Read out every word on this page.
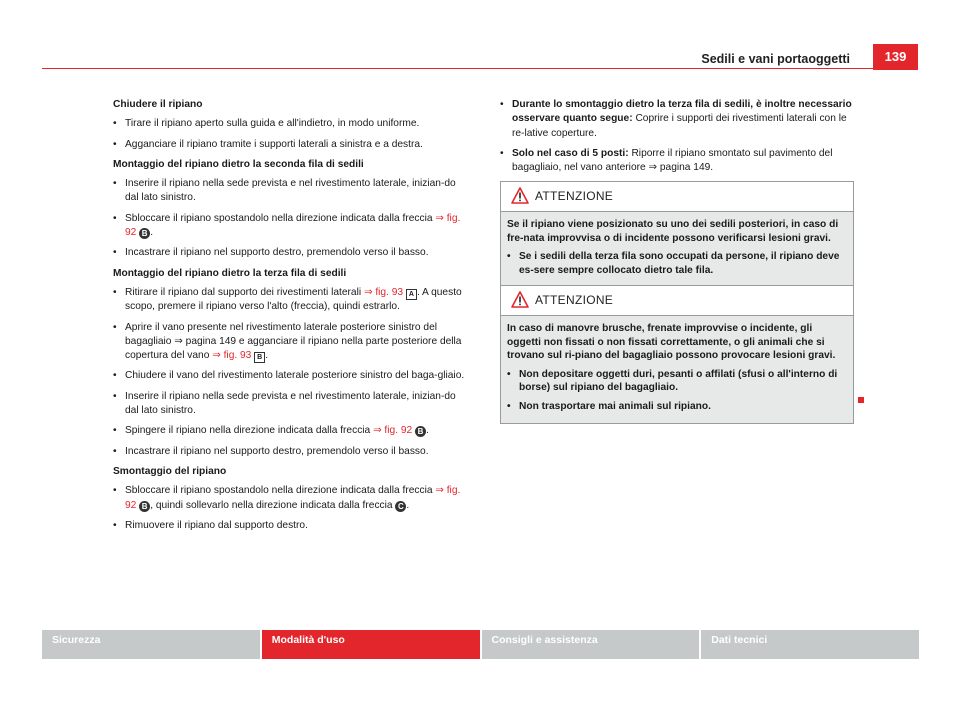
Sedili e vani portaoggetti	139

Chiudere il ripiano

• Tirare il ripiano aperto sulla guida e all'indietro, in modo uniforme.

• Agganciare il ripiano tramite i supporti laterali a sinistra e a destra.

Montaggio del ripiano dietro la seconda fila di sedili

• Inserire il ripiano nella sede prevista e nel rivestimento laterale, inizian-do dal lato sinistro.

• Sbloccare il ripiano spostandolo nella direzione indicata dalla freccia ⇒ fig. 92 B .

• Incastrare il ripiano nel supporto destro, premendolo verso il basso.

Montaggio del ripiano dietro la terza fila di sedili

• Ritirare il ripiano dal supporto dei rivestimenti laterali ⇒ fig. 93 A . A questo scopo, premere il ripiano verso l'alto (freccia), quindi estrarlo.

• Aprire il vano presente nel rivestimento laterale posteriore sinistro del bagagliaio ⇒ pagina 149 e agganciare il ripiano nella parte posteriore della copertura del vano ⇒ fig. 93 B .

• Chiudere il vano del rivestimento laterale posteriore sinistro del baga-gliaio.

• Inserire il ripiano nella sede prevista e nel rivestimento laterale, inizian-do dal lato sinistro.

• Spingere il ripiano nella direzione indicata dalla freccia ⇒ fig. 92 B .

• Incastrare il ripiano nel supporto destro, premendolo verso il basso.

Smontaggio del ripiano

• Sbloccare il ripiano spostandolo nella direzione indicata dalla freccia ⇒ fig. 92 B , quindi sollevarlo nella direzione indicata dalla freccia C .

• Rimuovere il ripiano dal supporto destro.

• Durante lo smontaggio dietro la terza fila di sedili, è inoltre necessario osservare quanto segue: Coprire i supporti dei rivestimenti laterali con le re-lative coperture.

• Solo nel caso di 5 posti: Riporre il ripiano smontato sul pavimento del bagagliaio, nel vano anteriore ⇒ pagina 149.

ATTENZIONE

Se il ripiano viene posizionato su uno dei sedili posteriori, in caso di fre-nata improvvisa o di incidente possono verificarsi lesioni gravi.

• Se i sedili della terza fila sono occupati da persone, il ripiano deve es-sere sempre collocato dietro tale fila.

ATTENZIONE

In caso di manovre brusche, frenate improvvise o incidente, gli oggetti non fissati o non fissati correttamente, o gli animali che si trovano sul ri-piano del bagagliaio possono provocare lesioni gravi.

• Non depositare oggetti duri, pesanti o affilati (sfusi o all'interno di borse) sul ripiano del bagagliaio.

• Non trasportare mai animali sul ripiano.

Sicurezza	Modalità d'uso	Consigli e assistenza	Dati tecnici
